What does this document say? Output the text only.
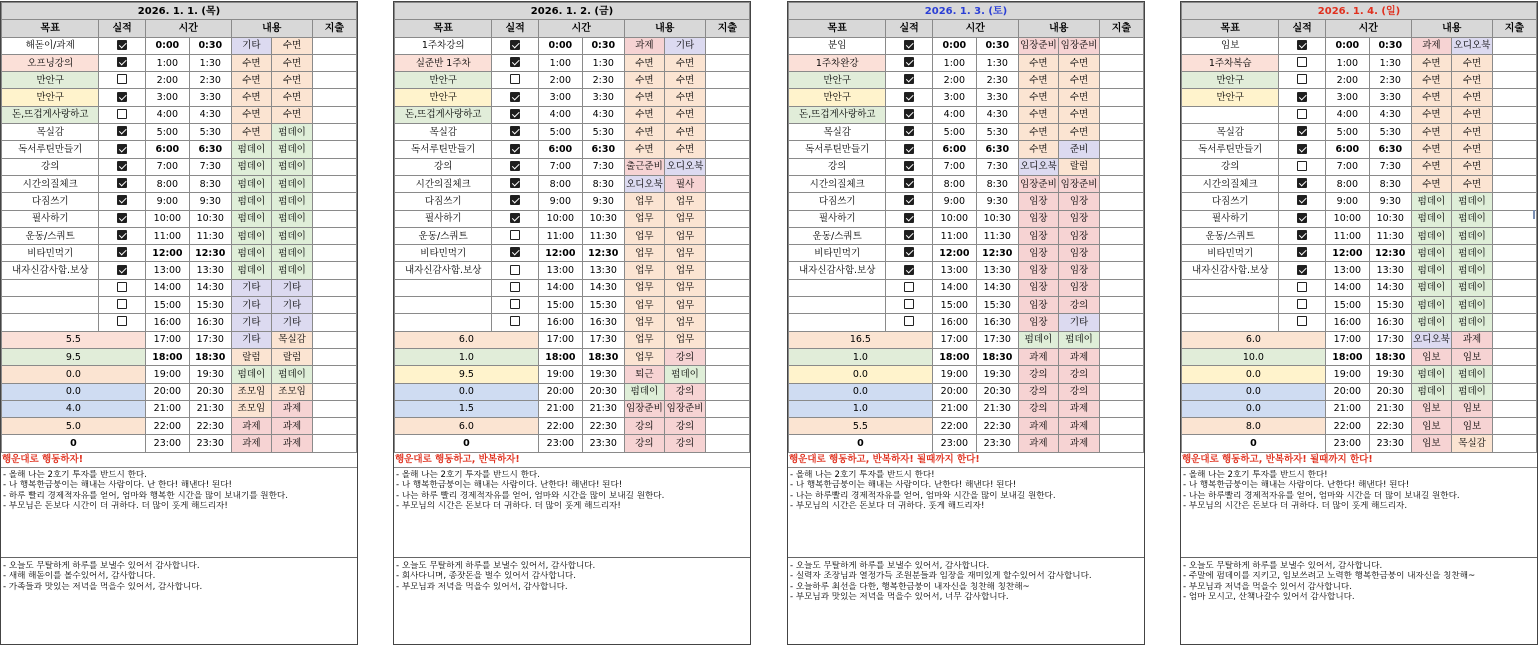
2026. 1. 1. (목)						
목표	실적	시간		내용		지출
해돋이/과제		0:00	0:30	기타	수면	
오프닝강의		1:00	1:30	수면	수면	
만안구		2:00	2:30	수면	수면	
만안구		3:00	3:30	수면	수면	
돈,뜨겁게사랑하고		4:00	4:30	수면	수면	
목실감		5:00	5:30	수면	펌데이	
독서루틴만들기		6:00	6:30	펌데이	펌데이	
강의		7:00	7:30	펌데이	펌데이	
시간의질체크		8:00	8:30	펌데이	펌데이	
다짐쓰기		9:00	9:30	펌데이	펌데이	
필사하기		10:00	10:30	펌데이	펌데이	
운동/스쿼트		11:00	11:30	펌데이	펌데이	
비타민먹기		12:00	12:30	펌데이	펌데이	
내자신감사함.보상		13:00	13:30	펌데이	펌데이	
		14:00	14:30	기타	기타	
		15:00	15:30	기타	기타	
		16:00	16:30	기타	기타	
5.5		17:00	17:30	기타	목실감	
9.5		18:00	18:30	랄럼	랄럼	
0.0		19:00	19:30	펌데이	펌데이	
0.0		20:00	20:30	조모임	조모임	
4.0		21:00	21:30	조모임	과제	
5.0		22:00	22:30	과제	과제	
0		23:00	23:30	과제	과제	
행운대로 행동하자!
- 올해 나는 2호기 투자를 반드시 한다.
- 나 행복한금붕이는 해내는 사람이다. 난 한다! 해낸다! 된다!
- 하루 빨리 경제적자유를 얻어, 엄마와 행복한 시간을 많이 보내기를 원한다.
- 부모님은 돈보다 시간이 더 귀하다. 더 많이 훗게 해드리자!
- 오늘도 무탈하게 하루를 보낼수 있어서 감사합니다.
- 새해 해돋이를 볼수있어서, 감사합니다.
- 가족들과 맛있는 저녁을 먹을수 있어서, 감사합니다.
2026. 1. 2. (금)						
목표	실적	시간		내용		지출
1주차강의		0:00	0:30	과제	기타	
실준반 1주차		1:00	1:30	수면	수면	
만안구		2:00	2:30	수면	수면	
만안구		3:00	3:30	수면	수면	
돈,뜨겁게사랑하고		4:00	4:30	수면	수면	
목실감		5:00	5:30	수면	수면	
독서루틴만들기		6:00	6:30	수면	수면	
강의		7:00	7:30	출근준비	오디오북	
시간의질체크		8:00	8:30	오디오북	필사	
다짐쓰기		9:00	9:30	업무	업무	
필사하기		10:00	10:30	업무	업무	
운동/스쿼트		11:00	11:30	업무	업무	
비타민먹기		12:00	12:30	업무	업무	
내자신감사함.보상		13:00	13:30	업무	업무	
		14:00	14:30	업무	업무	
		15:00	15:30	업무	업무	
		16:00	16:30	업무	업무	
6.0		17:00	17:30	업무	업무	
1.0		18:00	18:30	업무	강의	
9.5		19:00	19:30	퇴근	펌데이	
0.0		20:00	20:30	펌데이	강의	
1.5		21:00	21:30	임장준비	임장준비	
6.0		22:00	22:30	강의	강의	
0		23:00	23:30	강의	강의	
행운대로 행동하고, 반복하자!
- 올해 나는 2호기 투자를 반드시 한다.
- 나 행복한금붕이는 해내는 사람이다. 난한다! 해낸다! 된다!
- 나는 하루 빨리 경제적자유를 얻어, 엄마와 시간을 많이 보내길 원한다.
- 부모님의 시간은 돈보다 더 귀하다. 더 많이 훗게 해드리자!
- 오늘도 무탈하게 하루를 보낼수 있어서, 감사합니다.
- 회사다니며, 종잣돈을 벌수 있어서 감사합니다.
- 부모님과 저녁을 먹을수 있어서, 감사합니다.
2026. 1. 3. (토)						
목표	실적	시간		내용		지출
분임		0:00	0:30	임장준비	임장준비	
1주차완강		1:00	1:30	수면	수면	
만안구		2:00	2:30	수면	수면	
만안구		3:00	3:30	수면	수면	
돈,뜨겁게사랑하고		4:00	4:30	수면	수면	
목실감		5:00	5:30	수면	수면	
독서루틴만들기		6:00	6:30	수면	준비	
강의		7:00	7:30	오디오북	랄럼	
시간의질체크		8:00	8:30	임장준비	임장준비	
다짐쓰기		9:00	9:30	임장	임장	
필사하기		10:00	10:30	임장	임장	
운동/스쿼트		11:00	11:30	임장	임장	
비타민먹기		12:00	12:30	임장	임장	
내자신감사함.보상		13:00	13:30	임장	임장	
		14:00	14:30	임장	임장	
		15:00	15:30	임장	강의	
		16:00	16:30	임장	기타	
16.5		17:00	17:30	펌데이	펌데이	
1.0		18:00	18:30	과제	과제	
0.0		19:00	19:30	강의	강의	
0.0		20:00	20:30	강의	강의	
1.0		21:00	21:30	강의	과제	
5.5		22:00	22:30	과제	과제	
0		23:00	23:30	과제	과제	
행운대로 행동하고, 반복하자! 될때까지 한다!
- 올해 나는 2호기 투자를 반드시 한다!
- 나 행복한금붕이는 해내는 사람이다. 난한다! 해낸다! 된다!
- 나는 하루빨리 경제적자유를 얻어, 엄마와 시간을 많이 보내길 원한다.
- 부모님의 시간은 돈보다 더 귀하다. 훗게 해드리자!
- 오늘도 무탈하게 하루를 보낼수 있어서, 감사합니다.
- 실력자 조장님과 열정가득 조원분들과 임장을 재미있게 할수있어서 감사합니다.
- 오늘하루 최선을 다한, 행복한금붕이 내자신을 칭찬해 칭찬해~
- 부모님과 맛있는 저녁을 먹을수 있어서, 너무 감사합니다.
2026. 1. 4. (일)						
목표	실적	시간		내용		지출
임보		0:00	0:30	과제	오디오북	
1주차복습		1:00	1:30	수면	수면	
만안구		2:00	2:30	수면	수면	
만안구		3:00	3:30	수면	수면	
		4:00	4:30	수면	수면	
목실감		5:00	5:30	수면	수면	
독서루틴만들기		6:00	6:30	수면	수면	
강의		7:00	7:30	수면	수면	
시간의질체크		8:00	8:30	수면	수면	
다짐쓰기		9:00	9:30	펌데이	펌데이	
필사하기		10:00	10:30	펌데이	펌데이	
운동/스쿼트		11:00	11:30	펌데이	펌데이	
비타민먹기		12:00	12:30	펌데이	펌데이	
내자신감사함.보상		13:00	13:30	펌데이	펌데이	
		14:00	14:30	펌데이	펌데이	
		15:00	15:30	펌데이	펌데이	
		16:00	16:30	펌데이	펌데이	
6.0		17:00	17:30	오디오북	과제	
10.0		18:00	18:30	임보	임보	
0.0		19:00	19:30	펌데이	펌데이	
0.0		20:00	20:30	펌데이	펌데이	
0.0		21:00	21:30	임보	임보	
8.0		22:00	22:30	임보	임보	
0		23:00	23:30	임보	목실감	
행운대로 행동하고, 반복하자! 될때까지 한다!
- 올해 나는 2호기 투자를 반드시 한다!
- 나 행복한금붕이는 해내는 사람이다. 난한다! 해낸다! 된다!
- 나는 하루빨리 경제적자유를 얻어, 엄마와 시간을 더 많이 보내길 원한다.
- 부모님의 시간은 돈보다 더 귀하다. 더 많이 훗게 해드리자.
- 오늘도 무탈하게 하루를 보낼수 있어서, 감사합니다.
- 주말에 펌데이를 지키고, 임보쓰려고 노력한 행복한금붕이 내자신을 칭찬해~
- 부모님과 저녁을 먹을수 있어서 감사합니다.
- 엄마 모시고, 산책나갈수 있어서 감사합니다.
